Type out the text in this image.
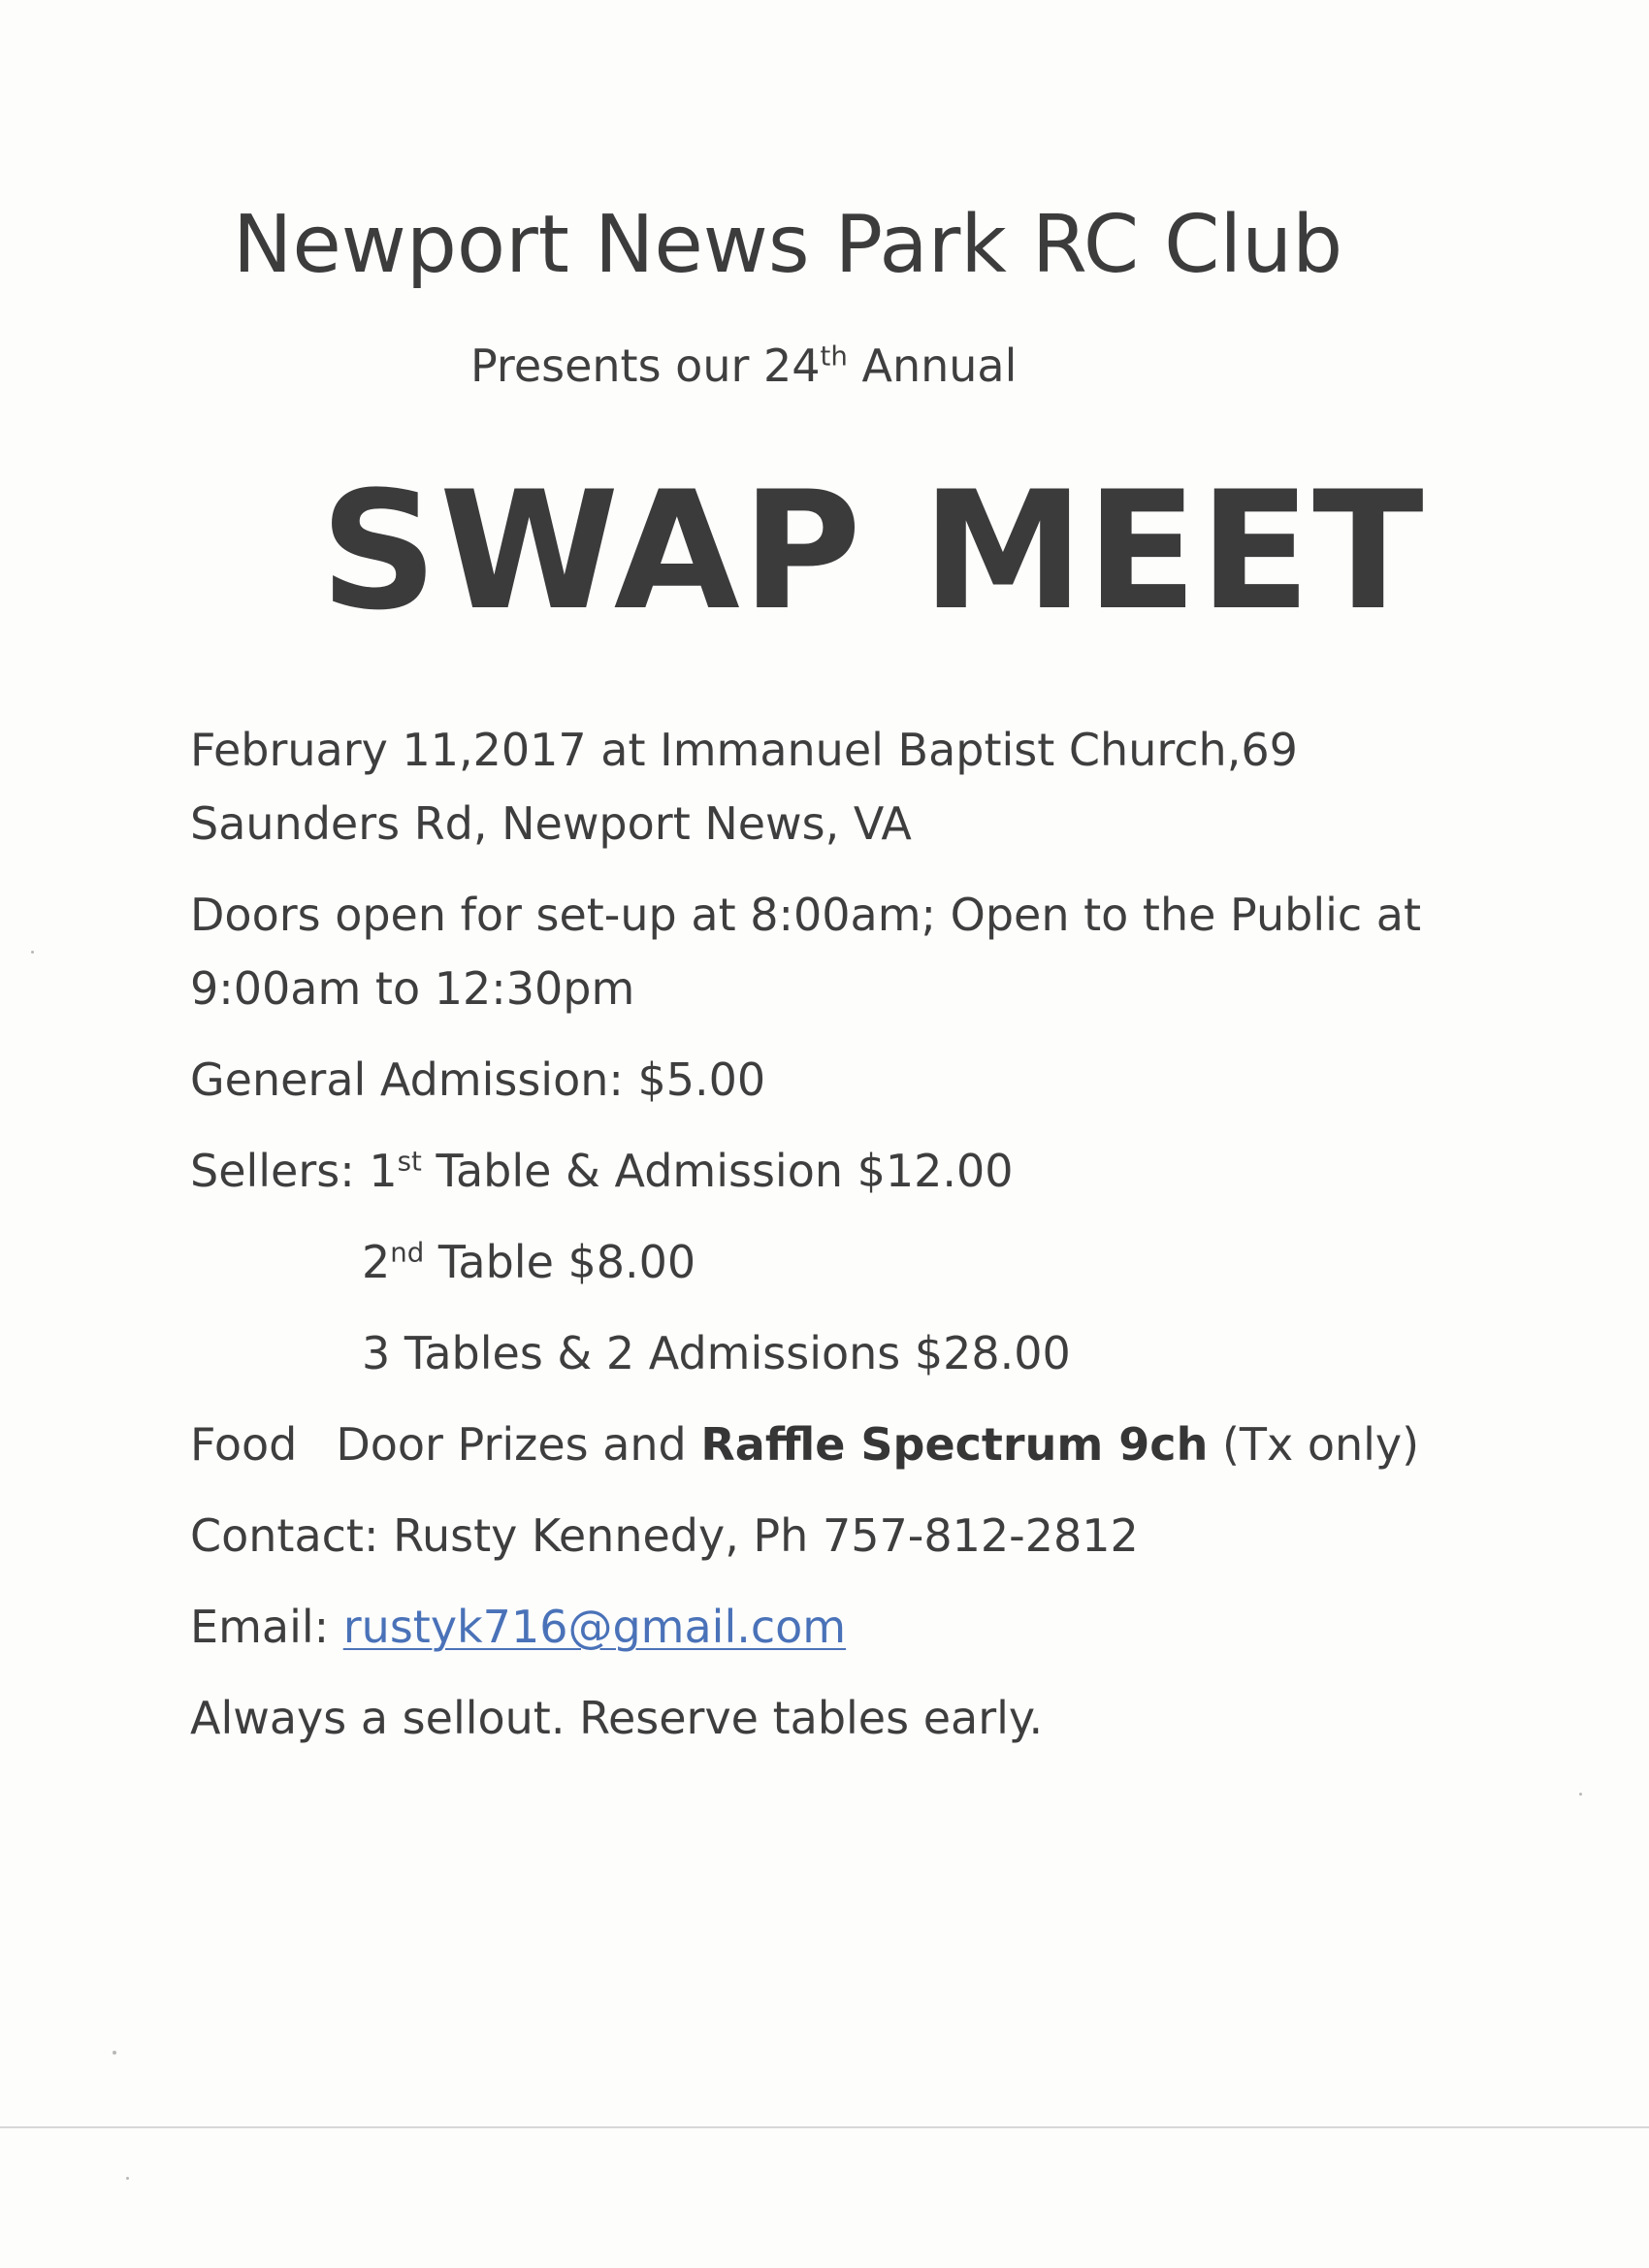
Newport News Park RC Club
Presents our 24th Annual
SWAP MEET

February 11,2017 at Immanuel Baptist Church,69
Saunders Rd, Newport News, VA

Doors open for set-up at 8:00am; Open to the Public at
9:00am to 12:30pm

General Admission: $5.00

Sellers: 1st Table & Admission $12.00

2nd Table $8.00

3 Tables & 2 Admissions $28.00

Food Door Prizes and Raffle Spectrum 9ch (Tx only)

Contact: Rusty Kennedy, Ph 757-812-2812

Email: rustyk716@gmail.com

Always a sellout. Reserve tables early.
